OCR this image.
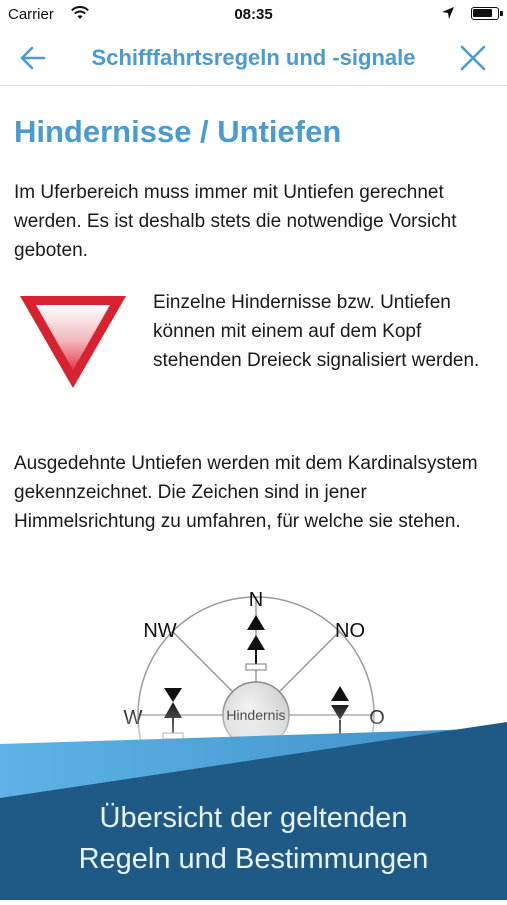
Carrier	08:35
Schifffahrtsregeln und -signale
Hindernisse / Untiefen

Im Uferbereich muss immer mit Untiefen gerechnet werden. Es ist deshalb stets die notwendige Vorsicht geboten.

Einzelne Hindernisse bzw. Untiefen können mit einem auf dem Kopf stehenden Dreieck signalisiert werden.

Ausgedehnte Untiefen werden mit dem Kardinalsystem gekennzeichnet. Die Zeichen sind in jener Himmelsrichtung zu umfahren, für welche sie stehen.

N
NW	NO
Übersicht der geltenden
Regeln und Bestimmungen
